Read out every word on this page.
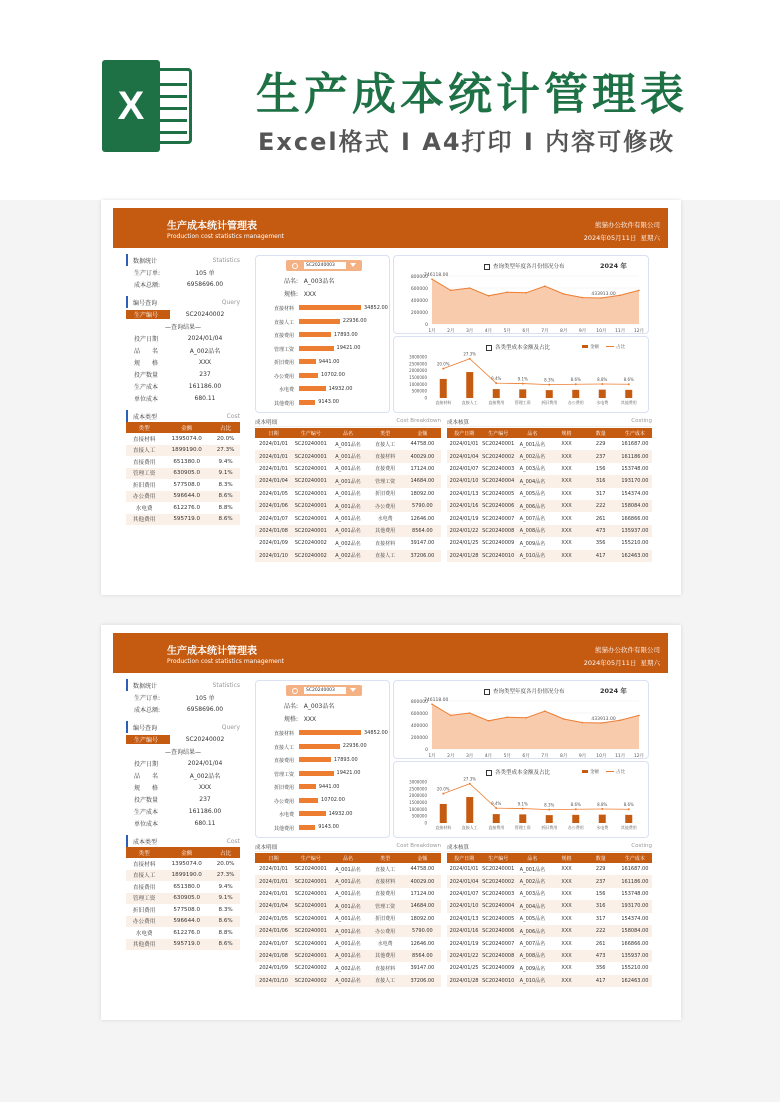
X	生产成本统计管理表
Excel格式 I A4打印 I 内容可修改
生产成本统计管理表
Production cost statistics management
熊猫办公软件有限公司
2024年05月11日 星期六
数据统计	Statistics
生产订单:	105 单
成本总额:	6958696.00
编号查询	Query
生产编号	SC20240002
—查询结果—
投产日期	2024/01/04
品　　名	A_002品名
规　　格	XXX
投产数量	237
生产成本	161186.00
单位成本	680.11
成本类型	Cost
类型	金额	占比
直接材料	1395074.0	20.0%
直接人工	1899190.0	27.3%
直接费用	651380.0	9.4%
管理工资	630905.0	9.1%
折旧费用	577508.0	8.3%
办公费用	596644.0	8.6%
水电费	612276.0	8.8%
其他费用	595719.0	8.6%
SC20240003
品名: A_003品名
规格: XXX
直接材料	34852.00
直接人工	22936.00
直接费用	17893.00
管理工资	19421.00
折旧费用	9441.00
办公费用	10702.00
水电费	14932.00
其他费用	9143.00
查询类型年度各月份情况分布	2024 年
800000
600000
400000
200000
0
1月	2月	3月	4月	5月	6月	7月	8月	9月 10月 11月 12月
746118.00
433913.00
各类型成本金额及占比
3000000
2500000
2000000
1500000
1000000
500000
0
金额	占比
20.0%
直接材料
27.3%
直接人工
9.4%
直接费用
9.1%
管理工资
8.3%
折旧费用
8.6%
办公费用
8.8%
水电费
8.6%
其他费用
成本明细	Cost Breakdown
日期	生产编号	品名	类型	金额
2024/01/01	SC20240001	A_001品名	直接人工	44758.00
2024/01/01	SC20240001	A_001品名	直接材料	40029.00
2024/01/01	SC20240001	A_001品名	直接费用	17124.00
2024/01/04	SC20240001	A_001品名	管理工资	14684.00
2024/01/05	SC20240001	A_001品名	折旧费用	18092.00
2024/01/06	SC20240001	A_001品名	办公费用	5790.00
2024/01/07	SC20240001	A_001品名	水电费	12646.00
2024/01/08	SC20240001	A_001品名	其他费用	8564.00
2024/01/09	SC20240002	A_002品名	直接材料	39147.00
2024/01/10	SC20240002	A_002品名	直接人工	37206.00
成本核算	Costing
投产日期	生产编号	品名	规格	数量	生产成本
2024/01/01	SC20240001	A_001品名	XXX	229	161687.00
2024/01/04	SC20240002	A_002品名	XXX	237	161186.00
2024/01/07	SC20240003	A_003品名	XXX	156	153748.00
2024/01/10	SC20240004	A_004品名	XXX	316	193170.00
2024/01/13	SC20240005	A_005品名	XXX	317	154374.00
2024/01/16	SC20240006	A_006品名	XXX	222	158084.00
2024/01/19	SC20240007	A_007品名	XXX	261	166866.00
2024/01/22	SC20240008	A_008品名	XXX	473	135937.00
2024/01/25	SC20240009	A_009品名	XXX	356	155210.00
2024/01/28	SC20240010	A_010品名	XXX	417	162463.00
生产成本统计管理表
Production cost statistics management
熊猫办公软件有限公司
2024年05月11日 星期六
数据统计	Statistics
生产订单:	105 单
成本总额:	6958696.00
编号查询	Query
生产编号	SC20240002
—查询结果—
投产日期	2024/01/04
品　　名	A_002品名
规　　格	XXX
投产数量	237
生产成本	161186.00
单位成本	680.11
成本类型	Cost
类型	金额	占比
直接材料	1395074.0	20.0%
直接人工	1899190.0	27.3%
直接费用	651380.0	9.4%
管理工资	630905.0	9.1%
折旧费用	577508.0	8.3%
办公费用	596644.0	8.6%
水电费	612276.0	8.8%
其他费用	595719.0	8.6%
SC20240003
品名: A_003品名
规格: XXX
直接材料	34852.00
直接人工	22936.00
直接费用	17893.00
管理工资	19421.00
折旧费用	9441.00
办公费用	10702.00
水电费	14932.00
其他费用	9143.00
查询类型年度各月份情况分布	2024 年
800000
600000
400000
200000
0
1月	2月	3月	4月	5月	6月	7月	8月	9月 10月 11月 12月
746118.00
433913.00
各类型成本金额及占比
3000000
2500000
2000000
1500000
1000000
500000
0
金额	占比
20.0%
直接材料
27.3%
直接人工
9.4%
直接费用
9.1%
管理工资
8.3%
折旧费用
8.6%
办公费用
8.8%
水电费
8.6%
其他费用
成本明细	Cost Breakdown
日期	生产编号	品名	类型	金额
2024/01/01	SC20240001	A_001品名	直接人工	44758.00
2024/01/01	SC20240001	A_001品名	直接材料	40029.00
2024/01/01	SC20240001	A_001品名	直接费用	17124.00
2024/01/04	SC20240001	A_001品名	管理工资	14684.00
2024/01/05	SC20240001	A_001品名	折旧费用	18092.00
2024/01/06	SC20240001	A_001品名	办公费用	5790.00
2024/01/07	SC20240001	A_001品名	水电费	12646.00
2024/01/08	SC20240001	A_001品名	其他费用	8564.00
2024/01/09	SC20240002	A_002品名	直接材料	39147.00
2024/01/10	SC20240002	A_002品名	直接人工	37206.00
成本核算	Costing
投产日期	生产编号	品名	规格	数量	生产成本
2024/01/01	SC20240001	A_001品名	XXX	229	161687.00
2024/01/04	SC20240002	A_002品名	XXX	237	161186.00
2024/01/07	SC20240003	A_003品名	XXX	156	153748.00
2024/01/10	SC20240004	A_004品名	XXX	316	193170.00
2024/01/13	SC20240005	A_005品名	XXX	317	154374.00
2024/01/16	SC20240006	A_006品名	XXX	222	158084.00
2024/01/19	SC20240007	A_007品名	XXX	261	166866.00
2024/01/22	SC20240008	A_008品名	XXX	473	135937.00
2024/01/25	SC20240009	A_009品名	XXX	356	155210.00
2024/01/28	SC20240010	A_010品名	XXX	417	162463.00
